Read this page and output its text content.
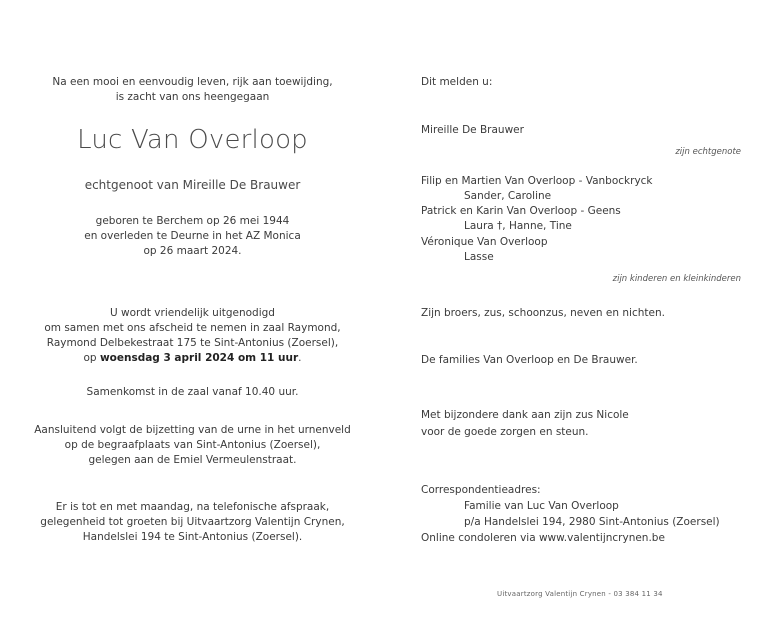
Na een mooi en eenvoudig leven, rijk aan toewijding,
is zacht van ons heengegaan
Luc Van Overloop
echtgenoot van Mireille De Brauwer
geboren te Berchem op 26 mei 1944
en overleden te Deurne in het AZ Monica
op 26 maart 2024.
U wordt vriendelijk uitgenodigd
om samen met ons afscheid te nemen in zaal Raymond,
Raymond Delbekestraat 175 te Sint-Antonius (Zoersel),
op woensdag 3 april 2024 om 11 uur.
Samenkomst in de zaal vanaf 10.40 uur.
Aansluitend volgt de bijzetting van de urne in het urnenveld
op de begraafplaats van Sint-Antonius (Zoersel),
gelegen aan de Emiel Vermeulenstraat.
Er is tot en met maandag, na telefonische afspraak,
gelegenheid tot groeten bij Uitvaartzorg Valentijn Crynen,
Handelslei 194 te Sint-Antonius (Zoersel).
Dit melden u:
Mireille De Brauwer
zijn echtgenote
Filip en Martien Van Overloop - Vanbockryck
Sander, Caroline
Patrick en Karin Van Overloop - Geens
Laura †, Hanne, Tine
Véronique Van Overloop
Lasse
zijn kinderen en kleinkinderen
Zijn broers, zus, schoonzus, neven en nichten.
De families Van Overloop en De Brauwer.
Met bijzondere dank aan zijn zus Nicole
voor de goede zorgen en steun.
Correspondentieadres:
Familie van Luc Van Overloop
p/a Handelslei 194, 2980 Sint-Antonius (Zoersel)
Online condoleren via www.valentijncrynen.be
Uitvaartzorg Valentijn Crynen - 03 384 11 34
